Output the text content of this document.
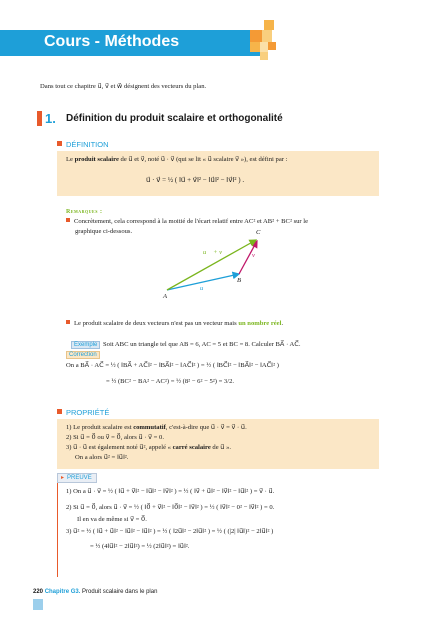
Cours - Méthodes
Dans tout ce chapitre u⃗, v⃗ et w⃗ désignent des vecteurs du plan.
1. Définition du produit scalaire et orthogonalité
DÉFINITION
Le produit scalaire de u⃗ et v⃗, noté u⃗ · v⃗ (qui se lit « u⃗ scalaire v⃗ »), est défini par :
u⃗ · v⃗ = ½ ( ‖u⃗ + v⃗‖² − ‖u⃗‖² − ‖v⃗‖² ) .
Remarques :
Concrètement, cela correspond à la moitié de l'écart relatif entre AC² et AB² + BC² sur le
graphique ci-dessous.
A
B
C
u⃗
v⃗
u⃗ + v⃗
Le produit scalaire de deux vecteurs n'est pas un vecteur mais un nombre réel.
Exemple Soit ABC un triangle tel que AB = 6, AC = 5 et BC = 8. Calculer BA⃗ · AC⃗.
Correction
On a BA⃗ · AC⃗ = ½ ( ‖BA⃗ + AC⃗‖² − ‖BA⃗‖² − ‖AC⃗‖² ) = ½ ( ‖BC⃗‖² − ‖BA⃗‖² − ‖AC⃗‖² )
= ½ (BC² − BA² − AC²) = ½ (8² − 6² − 5²) = 3/2.
PROPRIÉTÉ
1) Le produit scalaire est commutatif, c'est-à-dire que u⃗ · v⃗ = v⃗ · u⃗.
2) Si u⃗ = 0⃗ ou v⃗ = 0⃗, alors u⃗ · v⃗ = 0.
3) u⃗ · u⃗ est également noté u⃗², appelé « carré scalaire de u⃗ ».
On a alors u⃗² = ‖u⃗‖².
▸ PREUVE
1) On a u⃗ · v⃗ = ½ ( ‖u⃗ + v⃗‖² − ‖u⃗‖² − ‖v⃗‖² ) = ½ ( ‖v⃗ + u⃗‖² − ‖v⃗‖² − ‖u⃗‖² ) = v⃗ · u⃗.
2) Si u⃗ = 0⃗, alors u⃗ · v⃗ = ½ ( ‖0⃗ + v⃗‖² − ‖0⃗‖² − ‖v⃗‖² ) = ½ ( ‖v⃗‖² − 0² − ‖v⃗‖² ) = 0.
Il en va de même si v⃗ = 0⃗.
3) u⃗² = ½ ( ‖u⃗ + u⃗‖² − ‖u⃗‖² − ‖u⃗‖² ) = ½ ( ‖2u⃗‖² − 2‖u⃗‖² ) = ½ ( (|2| ‖u⃗‖)² − 2‖u⃗‖² )
= ½ (4‖u⃗‖² − 2‖u⃗‖²) = ½ (2‖u⃗‖²) = ‖u⃗‖².
220 Chapitre G3. Produit scalaire dans le plan
